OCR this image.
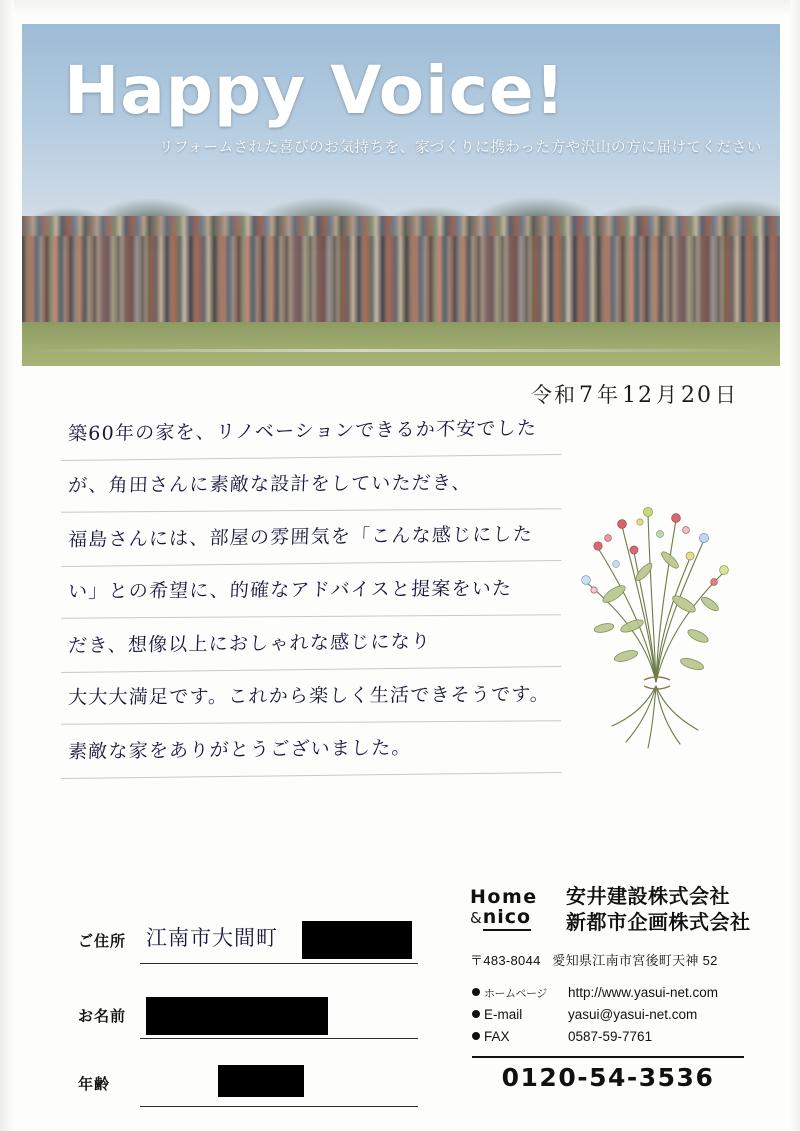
Happy Voice!
リフォームされた喜びのお気持ちを、家づくりに携わった方や沢山の方に届けてください
令和7年12月20日
築60年の家を、リノベーションできるか不安でした
が、角田さんに素敵な設計をしていただき、
福島さんには、部屋の雰囲気を「こんな感じにした
い」との希望に、的確なアドバイスと提案をいた
だき、想像以上におしゃれな感じになり
大大大満足です。これから楽しく生活できそうです。
素敵な家をありがとうございました。
ご住所 江南市大間町
お名前
年齢
Home
&nico
安井建設株式会社
新都市企画株式会社
〒483-8044 愛知県江南市宮後町天神 52
ホームページ http://www.yasui-net.com
E-mail	yasui@yasui-net.com
FAX	0587-59-7761
0120-54-3536
